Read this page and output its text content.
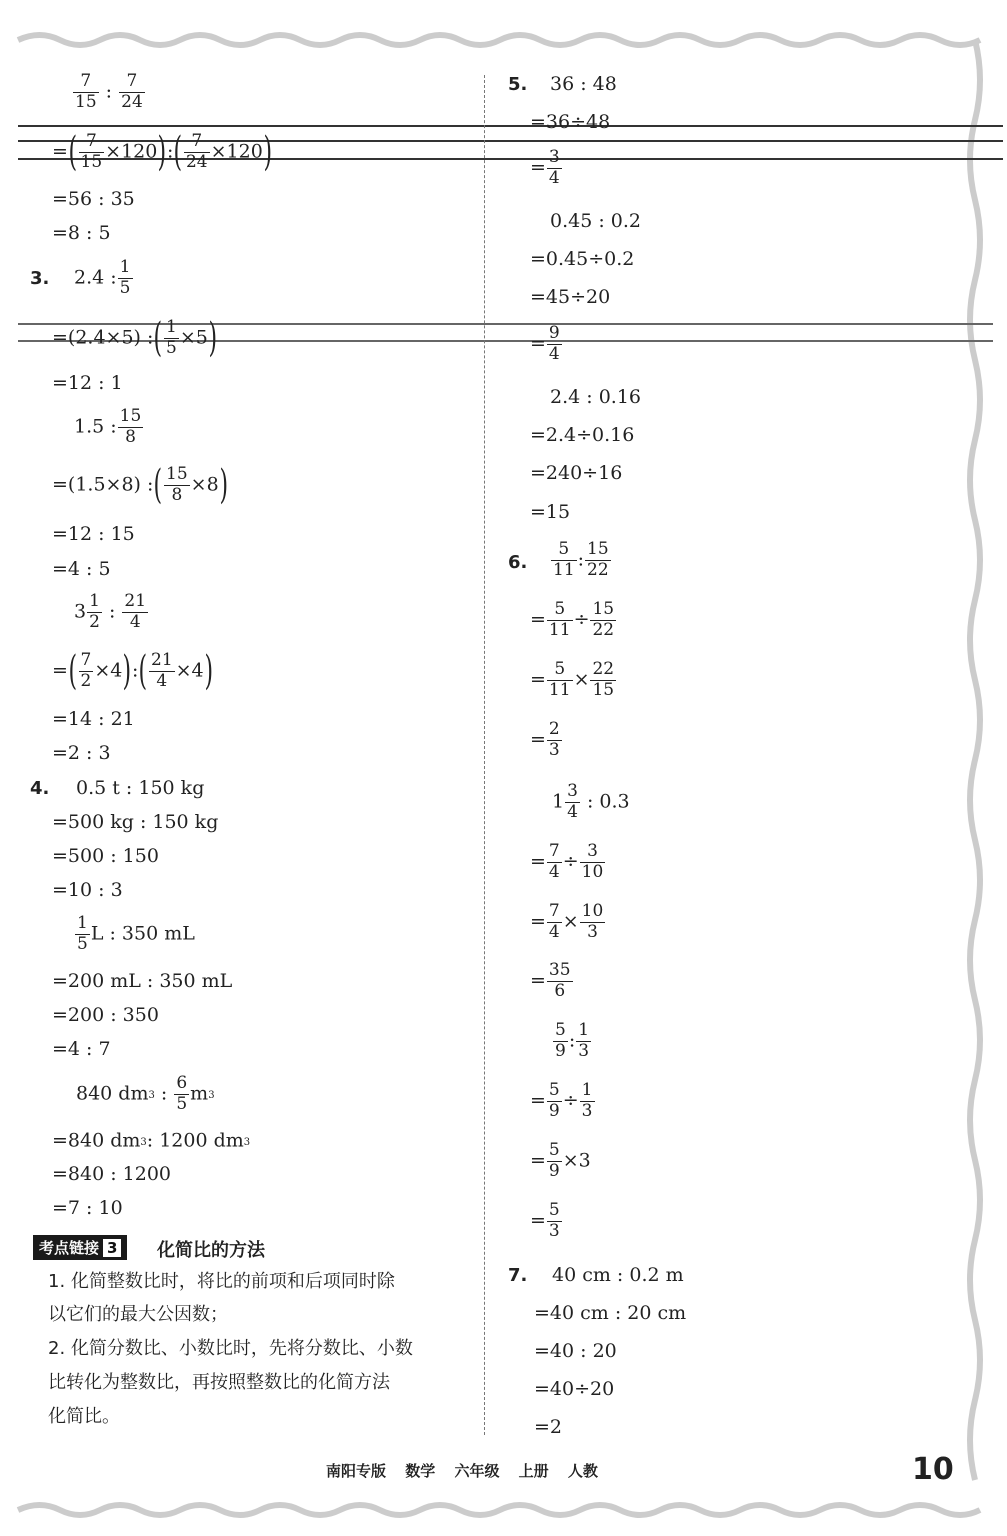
$\frac{7}{15}$ : $\frac{7}{24}$
=( $\frac{7}{15}$ ×120):( $\frac{7}{24} \times 120$)
=56 : 35
=8 : 5
3. 2.4 : $\frac{1}{5}$
=(2.4×5) :( $\frac{1}{5} \times 5$)
=12 : 1
1.5 : $\frac{15}{8}$
=(1.5×8) :( $\frac{15}{8} \times 8$)
=12 : 15
=4 : 5
$3 \frac{1}{2}$ : $\frac{21}{4}$
=( $\frac{7}{2}$ ×4):( $\frac{21}{4} \times 4$)
=14 : 21
=2 : 3
4. 0.5 t : 150 kg
=500 kg : 150 kg
=500 : 150
=10 : 3
$\frac{1}{5}$ L : 350 mL
=200 mL : 350 mL
=200 : 350
=4 : 7
840 dm3 : $\frac{6}{5} m3$
=840 dm3: 1200 dm3
=840 : 1200
=7 : 10
考点链接 3	化简比的方法
1. 化简整数比时，将比的前项和后项同时除
以它们的最大公因数；
2. 化简分数比、小数比时，先将分数比、小数
比转化为整数比，再按照整数比的化简方法
化简比。
5. 36 : 48
=36÷48
= $\frac{3}{4}$
0.45 : 0.2
=0.45÷0.2
=45÷20
= $\frac{9}{4}$
2.4 : 0.16
=2.4÷0.16
=240÷16
=15
6. $\frac{5}{11}$ : $\frac{15}{22}$
= $\frac{5}{11} \div \frac{15}{22}$
= $\frac{5}{11} \times \frac{22}{15}$
= $\frac{2}{3}$
$1 \frac{3}{4}$ : 0.3
= $\frac{7}{4} \div \frac{3}{10}$
= $\frac{7}{4} \times \frac{10}{3}$
= $\frac{35}{6}$
$\frac{5}{9}$ : $\frac{1}{3}$
= $\frac{5}{9} \div \frac{1}{3}$
= $\frac{5}{9} \times 3$
= $\frac{5}{3}$
7. 40 cm : 0.2 m
=40 cm : 20 cm
=40 : 20
=40÷20
=2
南阳专版 数学 六年级 上册 人教	10
